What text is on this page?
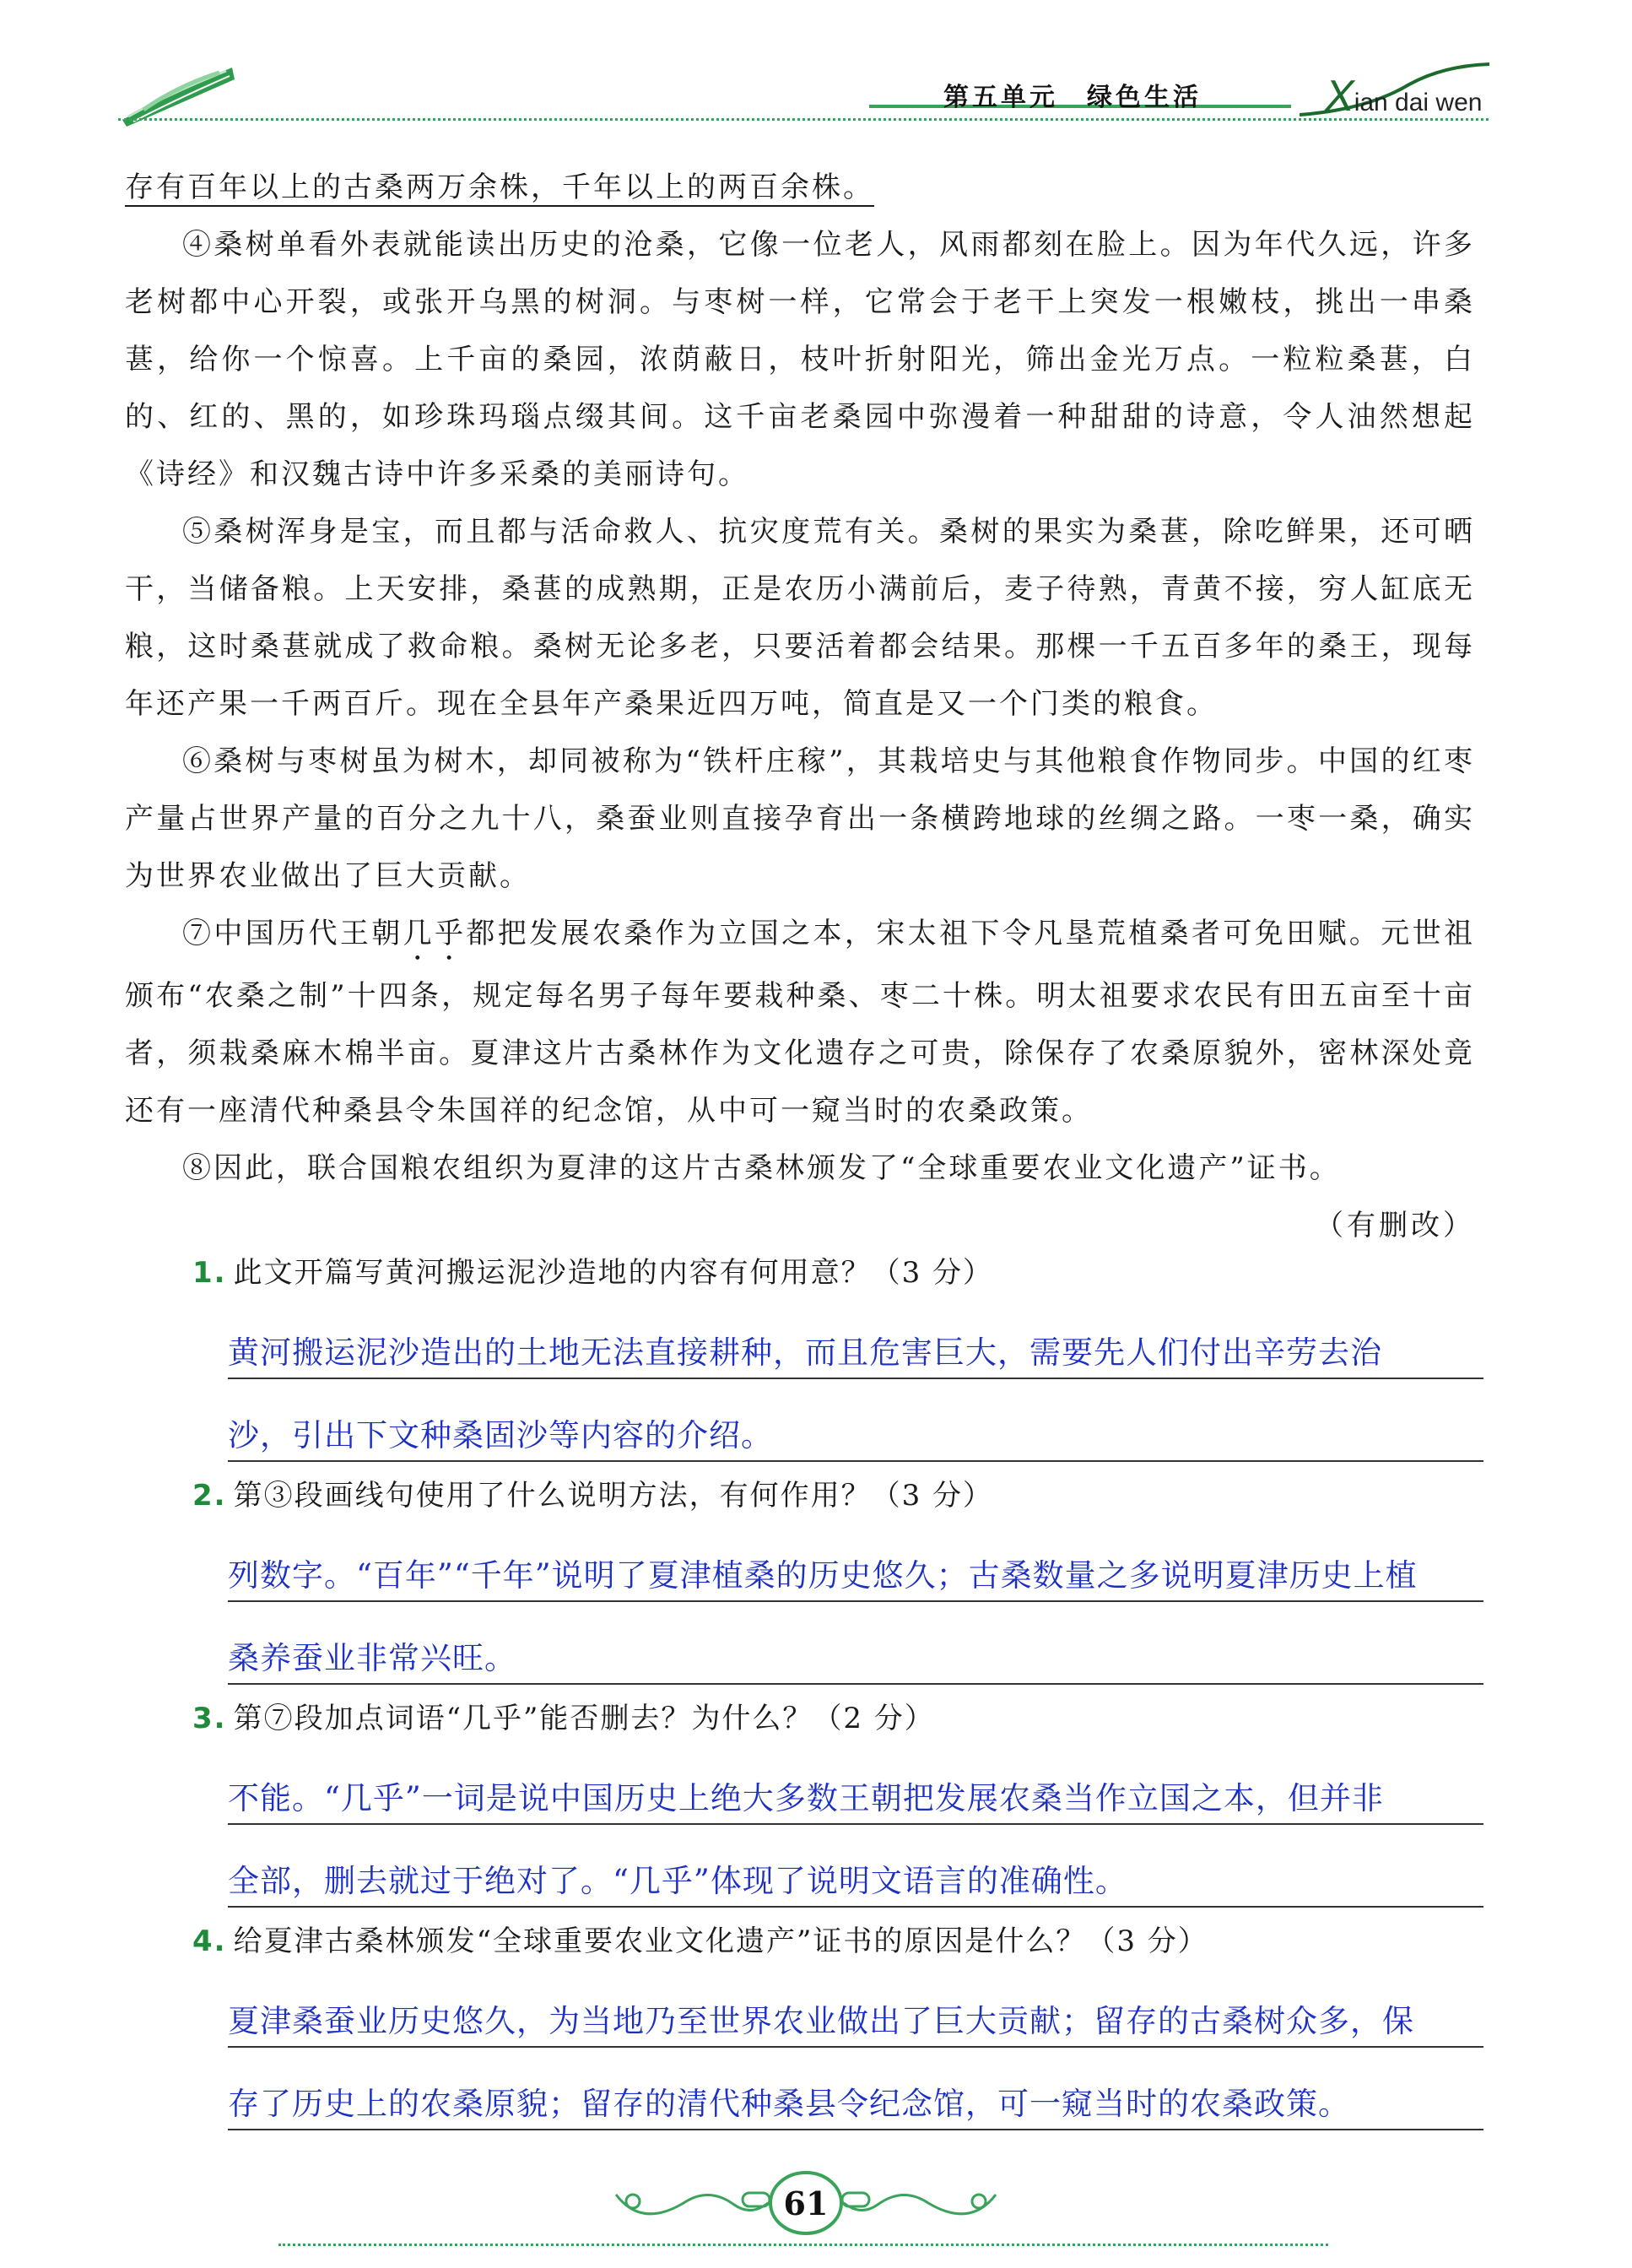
第五单元　绿色生活	Xian dai wen

存有百年以上的古桑两万余株，千年以上的两百余株。

④桑树单看外表就能读出历史的沧桑，它像一位老人，风雨都刻在脸上。因为年代久远，许多老树都中心开裂，或张开乌黑的树洞。与枣树一样，它常会于老干上突发一根嫩枝，挑出一串桑葚，给你一个惊喜。上千亩的桑园，浓荫蔽日，枝叶折射阳光，筛出金光万点。一粒粒桑葚，白的、红的、黑的，如珍珠玛瑙点缀其间。这千亩老桑园中弥漫着一种甜甜的诗意，令人油然想起《诗经》和汉魏古诗中许多采桑的美丽诗句。

⑤桑树浑身是宝，而且都与活命救人、抗灾度荒有关。桑树的果实为桑葚，除吃鲜果，还可晒干，当储备粮。上天安排，桑葚的成熟期，正是农历小满前后，麦子待熟，青黄不接，穷人缸底无粮，这时桑葚就成了救命粮。桑树无论多老，只要活着都会结果。那棵一千五百多年的桑王，现每年还产果一千两百斤。现在全县年产桑果近四万吨，简直是又一个门类的粮食。

⑥桑树与枣树虽为树木，却同被称为“铁杆庄稼”，其栽培史与其他粮食作物同步。中国的红枣产量占世界产量的百分之九十八，桑蚕业则直接孕育出一条横跨地球的丝绸之路。一枣一桑，确实为世界农业做出了巨大贡献。

⑦中国历代王朝几乎都把发展农桑作为立国之本，宋太祖下令凡垦荒植桑者可免田赋。元世祖颁布“农桑之制”十四条，规定每名男子每年要栽种桑、枣二十株。明太祖要求农民有田五亩至十亩者，须栽桑麻木棉半亩。夏津这片古桑林作为文化遗存之可贵，除保存了农桑原貌外，密林深处竟还有一座清代种桑县令朱国祥的纪念馆，从中可一窥当时的农桑政策。

⑧因此，联合国粮农组织为夏津的这片古桑林颁发了“全球重要农业文化遗产”证书。

（有删改）

1. 此文开篇写黄河搬运泥沙造地的内容有何用意？（3 分）
黄河搬运泥沙造出的土地无法直接耕种，而且危害巨大，需要先人们付出辛劳去治
沙，引出下文种桑固沙等内容的介绍。
2. 第③段画线句使用了什么说明方法，有何作用？（3 分）
列数字。“百年”“千年”说明了夏津植桑的历史悠久；古桑数量之多说明夏津历史上植
桑养蚕业非常兴旺。
3. 第⑦段加点词语“几乎”能否删去？为什么？（2 分）
不能。“几乎”一词是说中国历史上绝大多数王朝把发展农桑当作立国之本，但并非
全部，删去就过于绝对了。“几乎”体现了说明文语言的准确性。
4. 给夏津古桑林颁发“全球重要农业文化遗产”证书的原因是什么？（3 分）
夏津桑蚕业历史悠久，为当地乃至世界农业做出了巨大贡献；留存的古桑树众多，保
存了历史上的农桑原貌；留存的清代种桑县令纪念馆，可一窥当时的农桑政策。
61
